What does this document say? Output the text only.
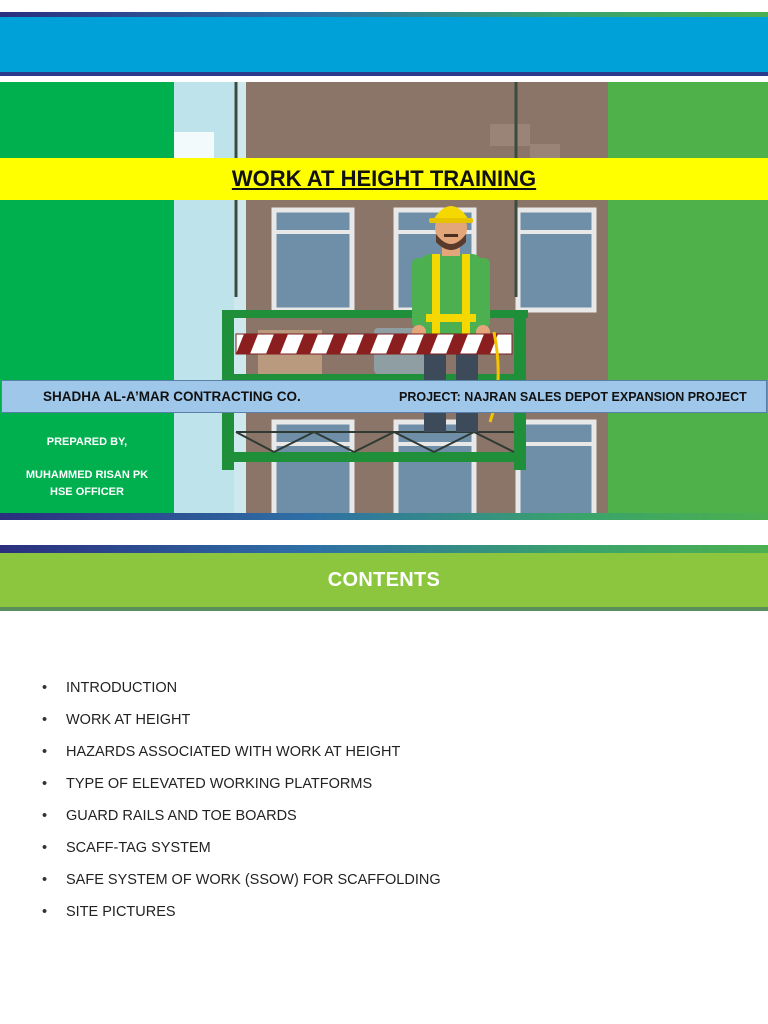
WORK AT HEIGHT TRAINING
SHADHA AL-A’MAR CONTRACTING CO.	PROJECT: NAJRAN SALES DEPOT EXPANSION PROJECT
PREPARED BY,
MUHAMMED RISAN PK
HSE OFFICER
CONTENTS
•	INTRODUCTION
•	WORK AT HEIGHT
•	HAZARDS ASSOCIATED WITH WORK AT HEIGHT
•	TYPE OF ELEVATED WORKING PLATFORMS
•	GUARD RAILS AND TOE BOARDS
•	SCAFF-TAG SYSTEM
•	SAFE SYSTEM OF WORK (SSOW) FOR SCAFFOLDING
•	SITE PICTURES
